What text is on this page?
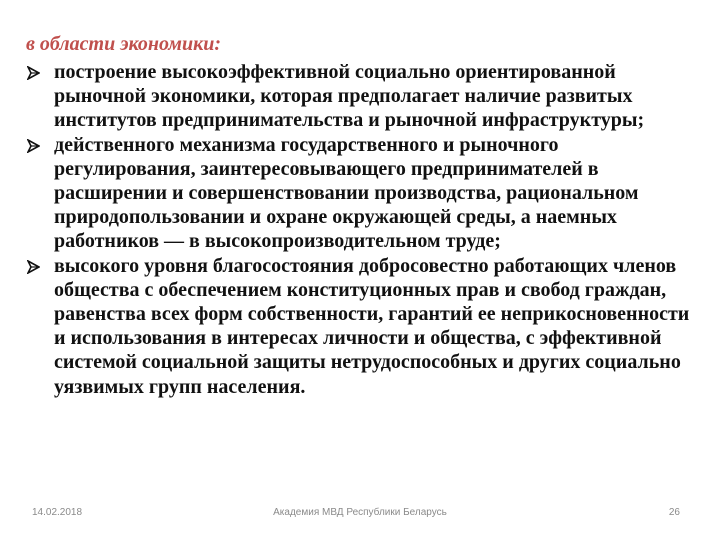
в области экономики:
построение высокоэффективной социально ориентированной рыночной экономики, которая предполагает наличие развитых институтов предпринимательства и рыночной инфраструктуры;
действенного механизма государственного и рыночного регулирования, заинтересовывающего предпринимателей в расширении и совершенствовании производства, рациональном природопользовании и охране окружающей среды, а наемных работников — в высокопроизводительном труде;
высокого уровня благосостояния добросовестно работающих членов общества с обеспечением конституционных прав и свобод граждан, равенства всех форм собственности, гарантий ее неприкосновенности и использования в интересах личности и общества, с эффективной системой социальной защиты нетрудоспособных и других социально уязвимых групп населения.
14.02.2018	Академия МВД Республики Беларусь	26
